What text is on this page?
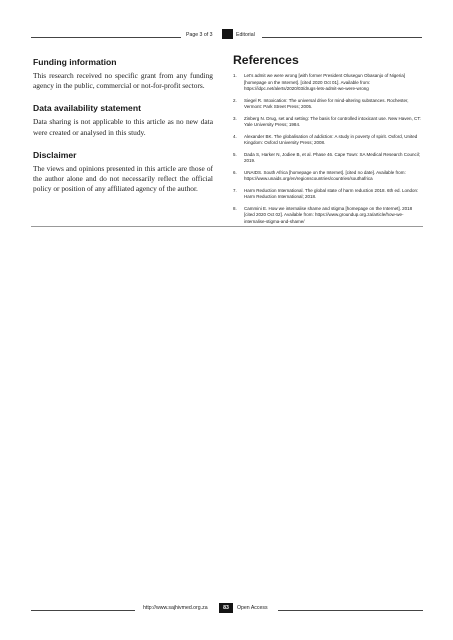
Page 3 of 3	Editorial
Funding information

This research received no specific grant from any funding agency in the public, commercial or not-for-profit sectors.

Data availability statement

Data sharing is not applicable to this article as no new data were created or analysed in this study.

Disclaimer

The views and opinions presented in this article are those of the author alone and do not necessarily reflect the official policy or position of any affiliated agency of the author.

References
1.	Let’s admit we were wrong [with former President Olusegun Obasanjo of Nigeria] [homepage on the Internet]. [cited 2020 Oct 01]. Available from: https://idpc.net/alerts/2020/03/drugs-lets-admit-we-were-wrong
2.	Siegel R. Intoxication: The universal drive for mind-altering substances. Rochester, Vermont: Park Street Press; 2005.
3.	Zinberg N. Drug, set and setting: The basis for controlled intoxicant use. New Haven, CT: Yale University Press; 1984.
4.	Alexander BK. The globalisation of addiction: A study in poverty of spirit. Oxford, United Kingdom: Oxford University Press; 2008.
5.	Dada S, Harker N, Jodiee B, et al. Phase 46. Cape Town: SA Medical Research Council; 2019.
6.	UNAIDS. South Africa [homepage on the Internet]. [cited no date]. Available from: https://www.unaids.org/en/regionscountries/countries/southafrica
7.	Harm Reduction International. The global state of harm reduction 2018. 6th ed. London: Harm Reduction International; 2018.
8.	Cammini E. How we internalise shame and stigma [homepage on the Internet]. 2018 [cited 2020 Oct 02]. Available from: https://www.groundup.org.za/article/how-we-internalise-stigma-and-shame/
http://www.sajhivmed.org.za	83	Open Access
